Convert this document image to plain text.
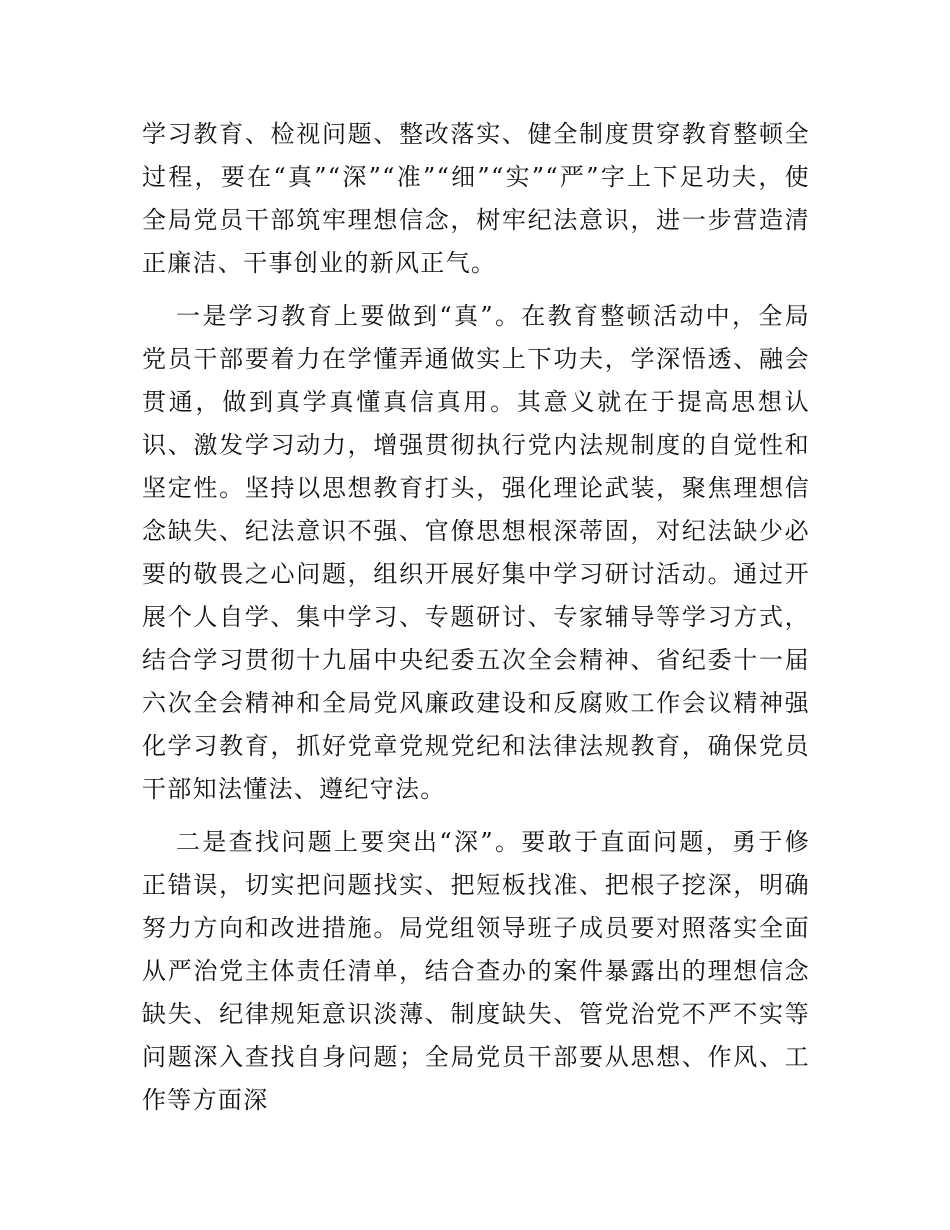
学习教育、检视问题、整改落实、健全制度贯穿教育整顿全过程，要在“真”“深”“准”“细”“实”“严”字上下足功夫，使全局党员干部筑牢理想信念，树牢纪法意识，进一步营造清正廉洁、干事创业的新风正气。

一是学习教育上要做到“真”。在教育整顿活动中，全局党员干部要着力在学懂弄通做实上下功夫，学深悟透、融会贯通，做到真学真懂真信真用。其意义就在于提高思想认识、激发学习动力，增强贯彻执行党内法规制度的自觉性和坚定性。坚持以思想教育打头，强化理论武装，聚焦理想信念缺失、纪法意识不强、官僚思想根深蒂固，对纪法缺少必要的敬畏之心问题，组织开展好集中学习研讨活动。通过开展个人自学、集中学习、专题研讨、专家辅导等学习方式，结合学习贯彻十九届中央纪委五次全会精神、省纪委十一届六次全会精神和全局党风廉政建设和反腐败工作会议精神强化学习教育，抓好党章党规党纪和法律法规教育，确保党员干部知法懂法、遵纪守法。

二是查找问题上要突出“深”。要敢于直面问题，勇于修正错误，切实把问题找实、把短板找准、把根子挖深，明确努力方向和改进措施。局党组领导班子成员要对照落实全面从严治党主体责任清单，结合查办的案件暴露出的理想信念缺失、纪律规矩意识淡薄、制度缺失、管党治党不严不实等问题深入查找自身问题；全局党员干部要从思想、作风、工作等方面深
